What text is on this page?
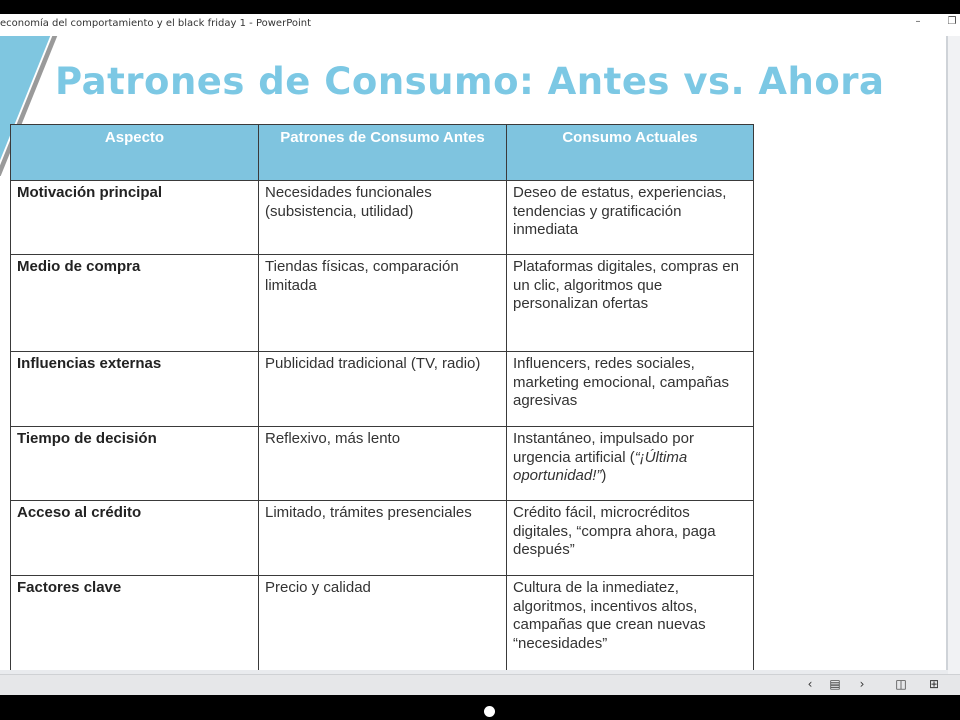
economía del comportamiento y el black friday 1 - PowerPoint	–	❐
Patrones de Consumo: Antes vs. Ahora
Aspecto	Patrones de Consumo Antes	Consumo Actuales
Motivación principal	Necesidades funcionales (subsistencia, utilidad)	Deseo de estatus, experiencias, tendencias y gratificación inmediata
Medio de compra	Tiendas físicas, comparación limitada	Plataformas digitales, compras en un clic, algoritmos que personalizan ofertas
Influencias externas	Publicidad tradicional (TV, radio)	Influencers, redes sociales, marketing emocional, campañas agresivas
Tiempo de decisión	Reflexivo, más lento	Instantáneo, impulsado por urgencia artificial (“¡Última oportunidad!”)
Acceso al crédito	Limitado, trámites presenciales	Crédito fácil, microcréditos digitales, “compra ahora, paga después”
Factores clave	Precio y calidad	Cultura de la inmediatez, algoritmos, incentivos altos, campañas que crean nuevas “necesidades”
‹	▤	›	◫ ⊞
